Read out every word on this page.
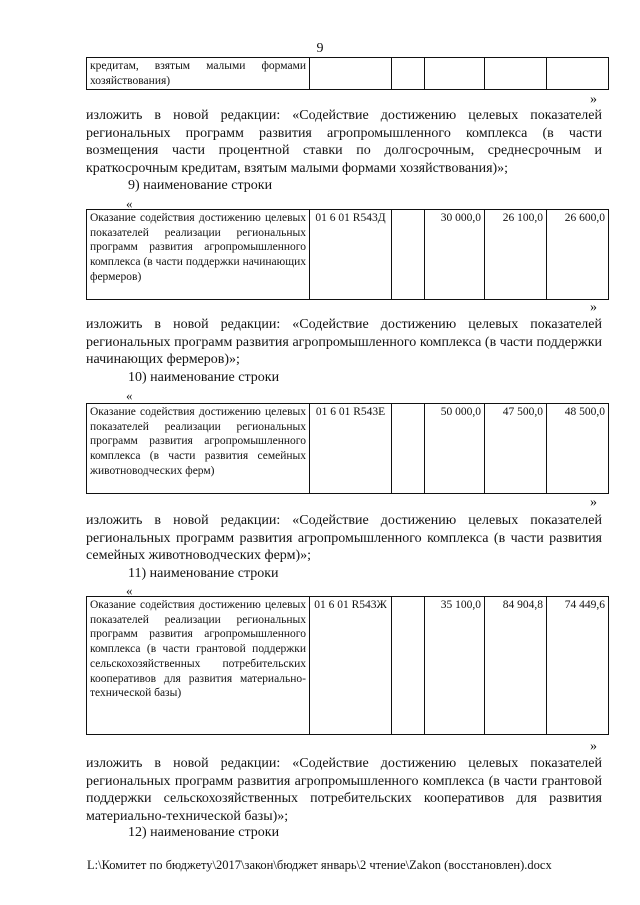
9
кредитам, взятым малыми формами хозяйствования)					
»
изложить в новой редакции: «Содействие достижению целевых показателей региональных программ развития агропромышленного комплекса (в части возмещения части процентной ставки по долгосрочным, среднесрочным и краткосрочным кредитам, взятым малыми формами хозяйствования)»;
9) наименование строки
«
Оказание содействия достижению целевых показателей реализации региональных программ развития агропромышленного комплекса (в части поддержки начинающих фермеров)	01 6 01 R543Д		30 000,0	26 100,0	26 600,0
»
изложить в новой редакции: «Содействие достижению целевых показателей региональных программ развития агропромышленного комплекса (в части поддержки начинающих фермеров)»;
10) наименование строки
«
Оказание содействия достижению целевых показателей реализации региональных программ развития агропромышленного комплекса (в части развития семейных животноводческих ферм)	01 6 01 R543Е		50 000,0	47 500,0	48 500,0
»
изложить в новой редакции: «Содействие достижению целевых показателей региональных программ развития агропромышленного комплекса (в части развития семейных животноводческих ферм)»;
11) наименование строки
«
Оказание содействия достижению целевых показателей реализации региональных программ развития агропромышленного комплекса (в части грантовой поддержки сельскохозяйственных потребительских кооперативов для развития материально-технической базы)	01 6 01 R543Ж		35 100,0	84 904,8	74 449,6
»
изложить в новой редакции: «Содействие достижению целевых показателей региональных программ развития агропромышленного комплекса (в части грантовой поддержки сельскохозяйственных потребительских кооперативов для развития материально-технической базы)»;
12) наименование строки
L:\Комитет по бюджету\2017\закон\бюджет январь\2 чтение\Zakon (восстановлен).docx
